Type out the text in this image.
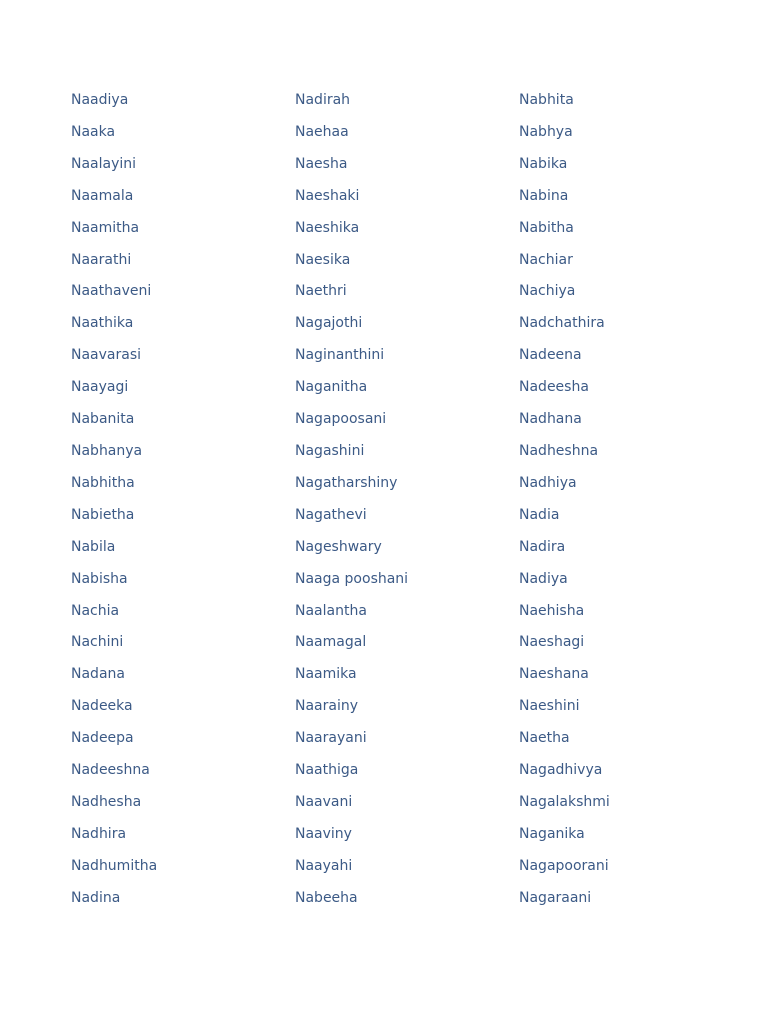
Naadiya
Naaka
Naalayini
Naamala
Naamitha
Naarathi
Naathaveni
Naathika
Naavarasi
Naayagi
Nabanita
Nabhanya
Nabhitha
Nabietha
Nabila
Nabisha
Nachia
Nachini
Nadana
Nadeeka
Nadeepa
Nadeeshna
Nadhesha
Nadhira
Nadhumitha
Nadina
Nadirah
Naehaa
Naesha
Naeshaki
Naeshika
Naesika
Naethri
Nagajothi
Naginanthini
Naganitha
Nagapoosani
Nagashini
Nagatharshiny
Nagathevi
Nageshwary
Naaga pooshani
Naalantha
Naamagal
Naamika
Naarainy
Naarayani
Naathiga
Naavani
Naaviny
Naayahi
Nabeeha
Nabhita
Nabhya
Nabika
Nabina
Nabitha
Nachiar
Nachiya
Nadchathira
Nadeena
Nadeesha
Nadhana
Nadheshna
Nadhiya
Nadia
Nadira
Nadiya
Naehisha
Naeshagi
Naeshana
Naeshini
Naetha
Nagadhivya
Nagalakshmi
Naganika
Nagapoorani
Nagaraani
